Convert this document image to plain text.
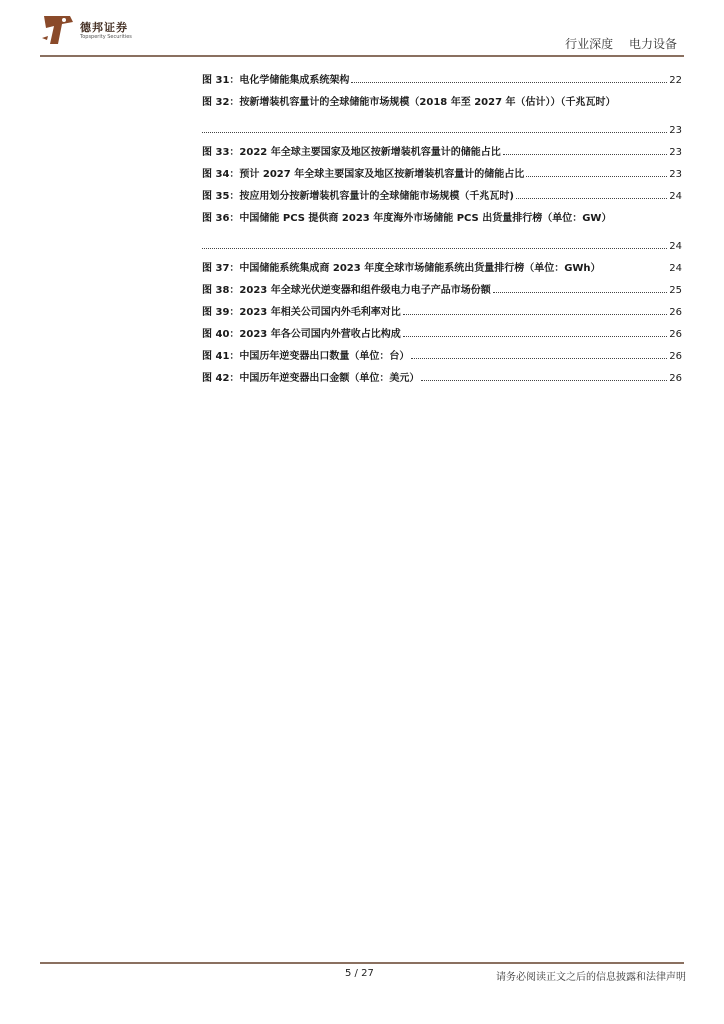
德邦证券
Topsperity Securities	行业深度 电力设备
图 31：电化学储能集成系统架构	22
图 32：按新增装机容量计的全球储能市场规模（2018 年至 2027 年（估计））（千兆瓦时）
23
图 33：2022 年全球主要国家及地区按新增装机容量计的储能占比	23
图 34：预计 2027 年全球主要国家及地区按新增装机容量计的储能占比	23
图 35：按应用划分按新增装机容量计的全球储能市场规模（千兆瓦时)	24
图 36：中国储能 PCS 提供商 2023 年度海外市场储能 PCS 出货量排行榜（单位：GW）
24
图 37：中国储能系统集成商 2023 年度全球市场储能系统出货量排行榜（单位：GWh）	24
图 38：2023 年全球光伏逆变器和组件级电力电子产品市场份额	25
图 39：2023 年相关公司国内外毛利率对比	26
图 40：2023 年各公司国内外营收占比构成	26
图 41：中国历年逆变器出口数量（单位：台）	26
图 42：中国历年逆变器出口金额（单位：美元）	26
5 / 27	请务必阅读正文之后的信息披露和法律声明
